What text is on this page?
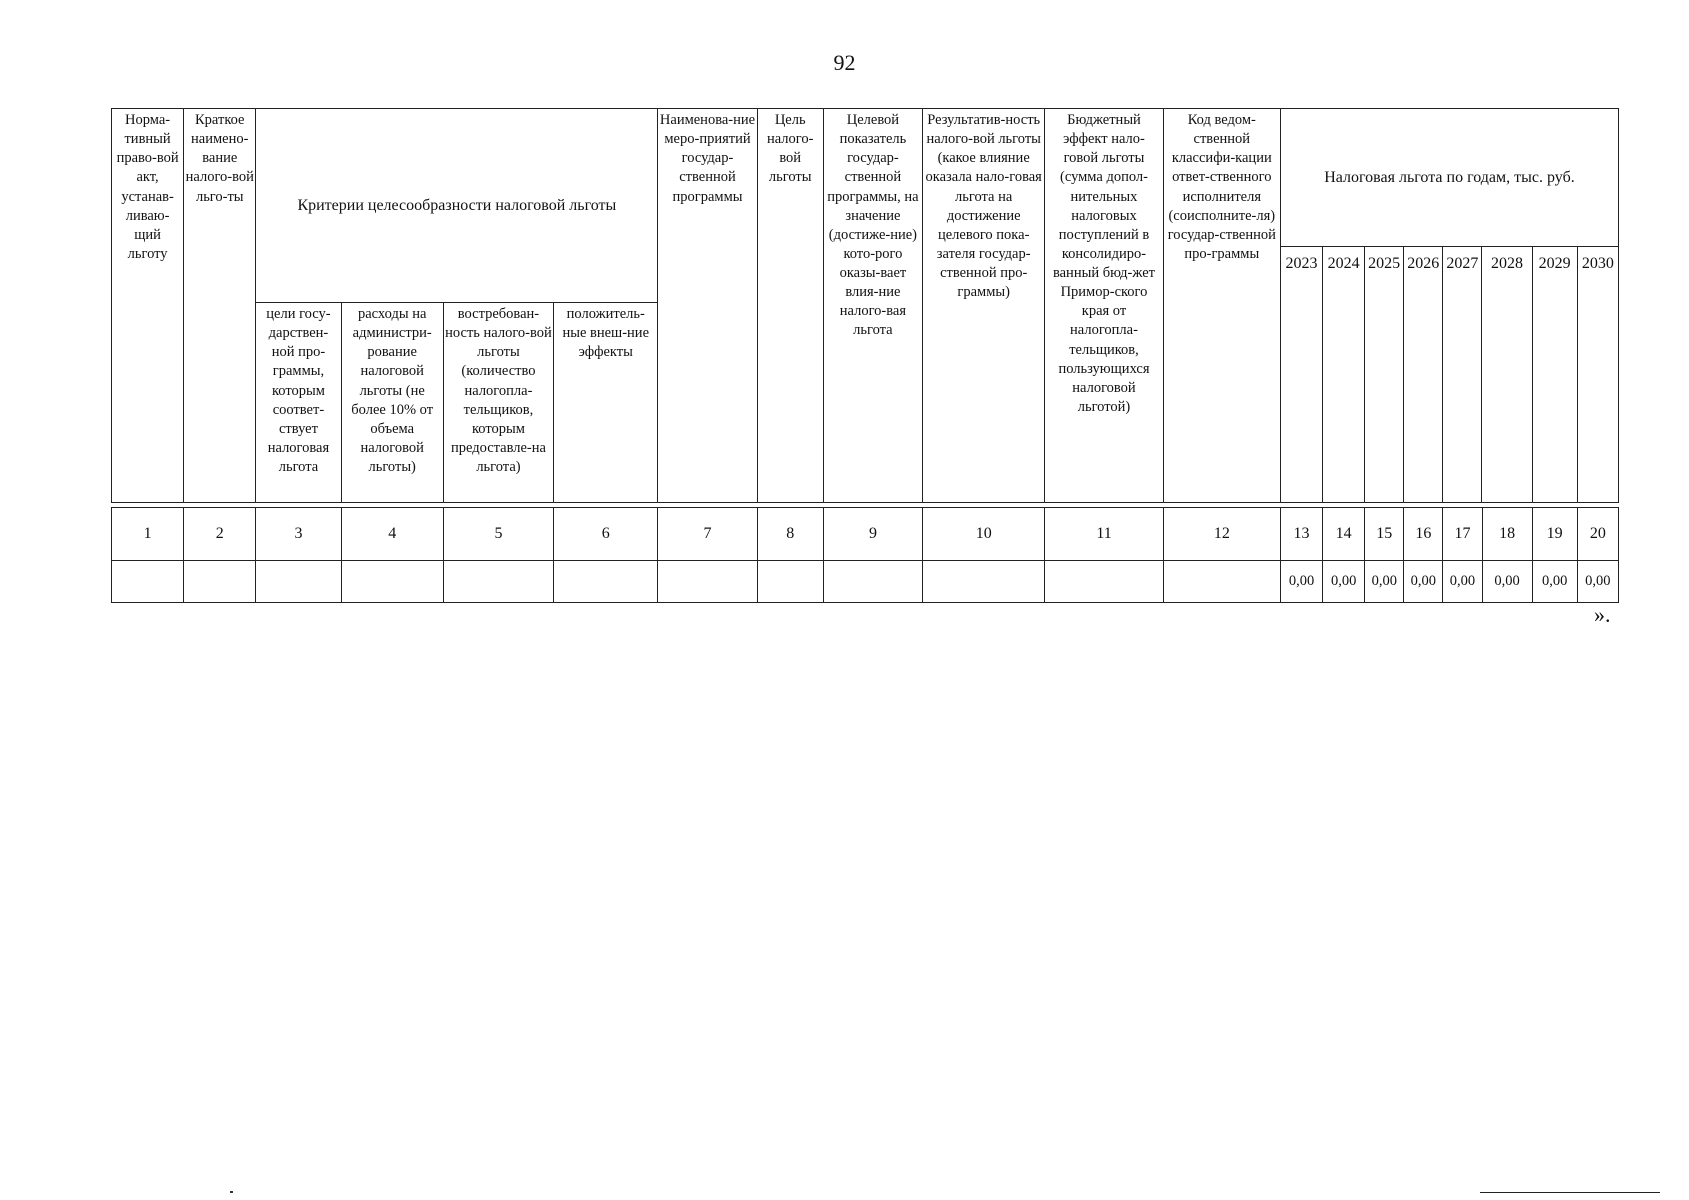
92
Норма-тивный право-вой акт, устанав-ливаю-щий льготу	Краткое наимено-вание налого-вой льго-ты	Критерии целесообразности налоговой льготы				Наименова-ние меро-приятий государ-ственной программы	Цель налого-вой льготы	Целевой показатель государ-ственной программы, на значение (достиже-ние) кото-рого оказы-вает влия-ние налого-вая льгота	Результатив-ность налого-вой льготы (какое влияние оказала нало-говая льгота на достижение целевого пока-зателя государ-ственной про-граммы)	Бюджетный эффект нало-говой льготы (сумма допол-нительных налоговых поступлений в консолидиро-ванный бюд-жет Примор-ского края от налогопла-тельщиков, пользующихся налоговой льготой)	Код ведом-ственной классифи-кации ответ-ственного исполнителя (соисполните-ля) государ-ственной про-граммы	Налоговая льгота по годам, тыс. руб.							
												2023	2024	2025	2026	2027	2028	2029	2030
		цели госу-дарствен-ной про-граммы, которым соответ-ствует налоговая льгота	расходы на администри-рование налоговой льготы (не более 10% от объема налоговой льготы)	востребован-ность налого-вой льготы (количество налогопла-тельщиков, которым предоставле-на льгота)	положитель-ные внеш-ние эффекты														
1	2	3	4	5	6	7	8	9	10	11	12	13	14	15	16	17	18	19	20
												0,00	0,00	0,00	0,00	0,00	0,00	0,00	0,00
».
